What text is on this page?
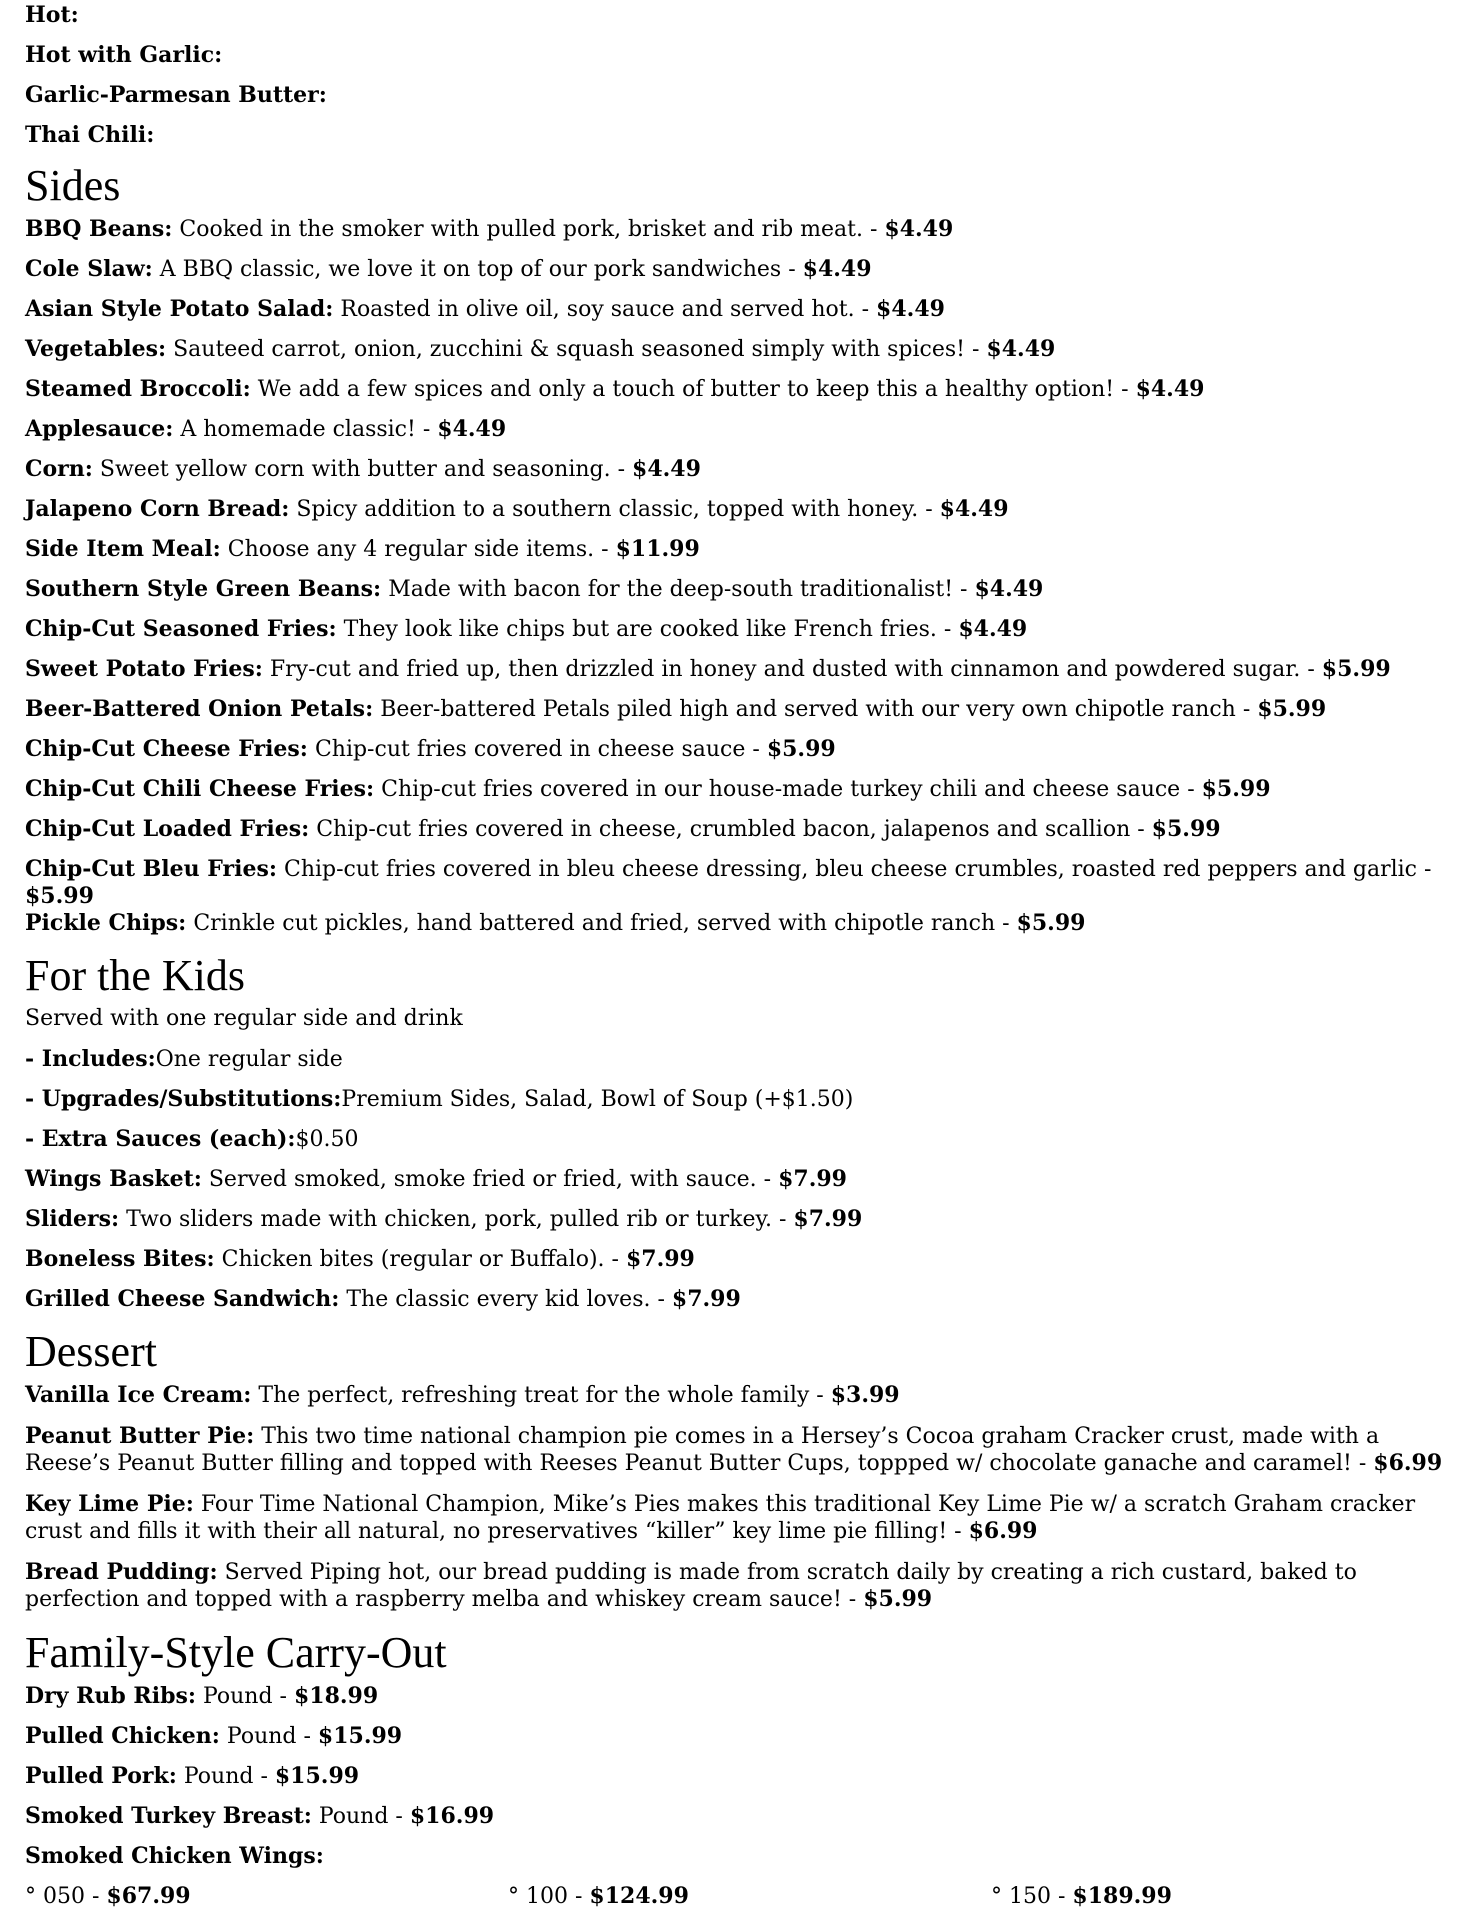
Hot:
Hot with Garlic:
Garlic-Parmesan Butter:
Thai Chili:
Sides

BBQ Beans: Cooked in the smoker with pulled pork, brisket and rib meat. - $4.49

Cole Slaw: A BBQ classic, we love it on top of our pork sandwiches - $4.49

Asian Style Potato Salad: Roasted in olive oil, soy sauce and served hot. - $4.49

Vegetables: Sauteed carrot, onion, zucchini & squash seasoned simply with spices! - $4.49

Steamed Broccoli: We add a few spices and only a touch of butter to keep this a healthy option! - $4.49

Applesauce: A homemade classic! - $4.49

Corn: Sweet yellow corn with butter and seasoning. - $4.49

Jalapeno Corn Bread: Spicy addition to a southern classic, topped with honey. - $4.49

Side Item Meal: Choose any 4 regular side items. - $11.99

Southern Style Green Beans: Made with bacon for the deep-south traditionalist! - $4.49

Chip-Cut Seasoned Fries: They look like chips but are cooked like French fries. - $4.49

Sweet Potato Fries: Fry-cut and fried up, then drizzled in honey and dusted with cinnamon and powdered sugar. - $5.99

Beer-Battered Onion Petals: Beer-battered Petals piled high and served with our very own chipotle ranch - $5.99

Chip-Cut Cheese Fries: Chip-cut fries covered in cheese sauce - $5.99

Chip-Cut Chili Cheese Fries: Chip-cut fries covered in our house-made turkey chili and cheese sauce - $5.99

Chip-Cut Loaded Fries: Chip-cut fries covered in cheese, crumbled bacon, jalapenos and scallion - $5.99

Chip-Cut Bleu Fries: Chip-cut fries covered in bleu cheese dressing, bleu cheese crumbles, roasted red peppers and garlic - $5.99

Pickle Chips: Crinkle cut pickles, hand battered and fried, served with chipotle ranch - $5.99

For the Kids
Served with one regular side and drink
- Includes:One regular side
- Upgrades/Substitutions:Premium Sides, Salad, Bowl of Soup (+$1.50)
- Extra Sauces (each):$0.50

Wings Basket: Served smoked, smoke fried or fried, with sauce. - $7.99

Sliders: Two sliders made with chicken, pork, pulled rib or turkey. - $7.99

Boneless Bites: Chicken bites (regular or Buffalo). - $7.99

Grilled Cheese Sandwich: The classic every kid loves. - $7.99

Dessert

Vanilla Ice Cream: The perfect, refreshing treat for the whole family - $3.99

Peanut Butter Pie: This two time national champion pie comes in a Hersey’s Cocoa graham Cracker crust, made with a Reese’s Peanut Butter filling and topped with Reeses Peanut Butter Cups, toppped w/ chocolate ganache and caramel! - $6.99

Key Lime Pie: Four Time National Champion, Mike’s Pies makes this traditional Key Lime Pie w/ a scratch Graham cracker crust and fills it with their all natural, no preservatives “killer” key lime pie filling! - $6.99

Bread Pudding: Served Piping hot, our bread pudding is made from scratch daily by creating a rich custard, baked to perfection and topped with a raspberry melba and whiskey cream sauce! - $5.99

Family-Style Carry-Out

Dry Rub Ribs: Pound - $18.99

Pulled Chicken: Pound - $15.99

Pulled Pork: Pound - $15.99

Smoked Turkey Breast: Pound - $16.99

Smoked Chicken Wings:
° 050 - $67.99	° 100 - $124.99	° 150 - $189.99
